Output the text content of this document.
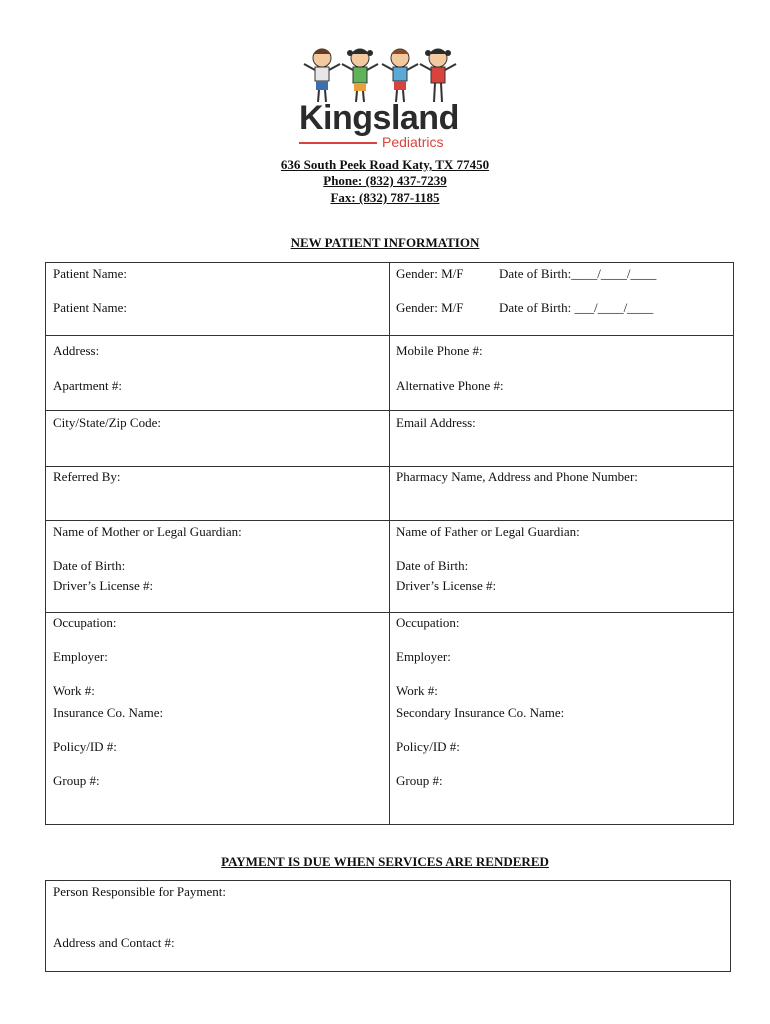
Kingsland
Pediatrics
636 South Peek Road Katy, TX 77450
Phone: (832) 437-7239
Fax: (832) 787-1185
NEW PATIENT INFORMATION
Patient Name:	Gender: M/F	Date of Birth:____/____/____
Patient Name:	Gender: M/F	Date of Birth: ___/____/____
Address:	Mobile Phone #:
Apartment #:	Alternative Phone #:
City/State/Zip Code:	Email Address:
Referred By:	Pharmacy Name, Address and Phone Number:
Name of Mother or Legal Guardian:	Name of Father or Legal Guardian:
Date of Birth:	Date of Birth:
Driver’s License #:	Driver’s License #:
Occupation:	Occupation:
Employer:	Employer:
Work #:	Work #:
Insurance Co. Name:	Secondary Insurance Co. Name:
Policy/ID #:	Policy/ID #:
Group #:	Group #:
PAYMENT IS DUE WHEN SERVICES ARE RENDERED
Person Responsible for Payment:
Address and Contact #:
